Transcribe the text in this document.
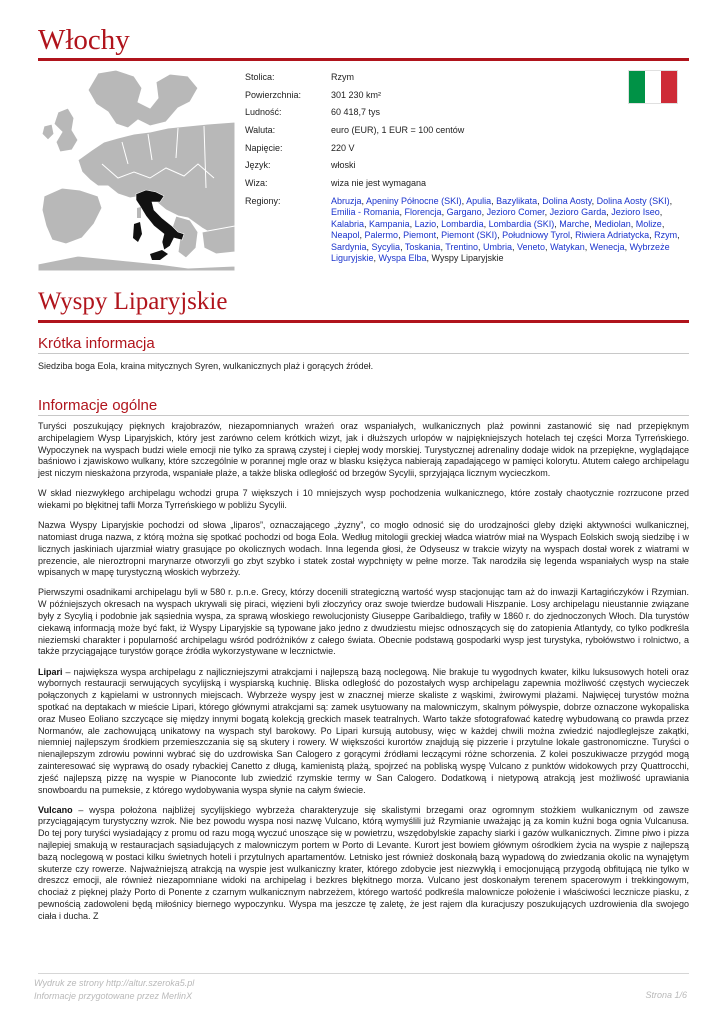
Włochy
Stolica:	Rzym
Powierzchnia:	301 230 km²
Ludność:	60 418,7 tys
Waluta:	euro (EUR), 1 EUR = 100 centów
Napięcie:	220 V
Język:	włoski
Wiza:	wiza nie jest wymagana
Regiony:	Abruzja, Apeniny Północne (SKI), Apulia, Bazylikata, Dolina Aosty, Dolina Aosty (SKI), Emilia - Romania, Florencja, Gargano, Jezioro Comer, Jezioro Garda, Jezioro Iseo, Kalabria, Kampania, Lazio, Lombardia, Lombardia (SKI), Marche, Mediolan, Molize, Neapol, Palermo, Piemont, Piemont (SKI), Południowy Tyrol, Riwiera Adriatycka, Rzym, Sardynia, Sycylia, Toskania, Trentino, Umbria, Veneto, Watykan, Wenecja, Wybrzeże Liguryjskie, Wyspa Elba, Wyspy Liparyjskie
Wyspy Liparyjskie
Krótka informacja
Siedziba boga Eola, kraina mitycznych Syren, wulkanicznych plaż i gorących źródeł.
Informacje ogólne

Turyści poszukujący pięknych krajobrazów, niezapomnianych wrażeń oraz wspaniałych, wulkanicznych plaż powinni zastanowić się nad przepięknym archipelagiem Wysp Liparyjskich, który jest zarówno celem krótkich wizyt, jak i dłuższych urlopów w najpiękniejszych hotelach tej części Morza Tyrreńskiego. Wypoczynek na wyspach budzi wiele emocji nie tylko za sprawą czystej i ciepłej wody morskiej. Turystycznej adrenaliny dodaje widok na przepiękne, wyglądające baśniowo i zjawiskowo wulkany, które szczególnie w porannej mgle oraz w blasku księżyca nabierają zapadającego w pamięci kolorytu. Atutem całego archipelagu jest niczym nieskażona przyroda, wspaniałe plaże, a także bliska odległość od brzegów Sycylii, sprzyjająca licznym wycieczkom.

W skład niezwykłego archipelagu wchodzi grupa 7 większych i 10 mniejszych wysp pochodzenia wulkanicznego, które zostały chaotycznie rozrzucone przed wiekami po błękitnej tafli Morza Tyrreńskiego w pobliżu Sycylii.

Nazwa Wyspy Liparyjskie pochodzi od słowa „liparos”, oznaczającego „żyzny”, co mogło odnosić się do urodzajności gleby dzięki aktywności wulkanicznej, natomiast druga nazwa, z którą można się spotkać pochodzi od boga Eola. Według mitologii greckiej władca wiatrów miał na Wyspach Eolskich swoją siedzibę i w licznych jaskiniach ujarzmiał wiatry grasujące po okolicznych wodach. Inna legenda głosi, że Odyseusz w trakcie wizyty na wyspach dostał worek z wiatrami w prezencie, ale nieroztropni marynarze otworzyli go zbyt szybko i statek został wypchnięty w pełne morze. Tak narodziła się legenda wspaniałych wysp na stałe wpisanych w mapę turystyczną włoskich wybrzeży.

Pierwszymi osadnikami archipelagu byli w 580 r. p.n.e. Grecy, którzy docenili strategiczną wartość wysp stacjonując tam aż do inwazji Kartagińczyków i Rzymian. W późniejszych okresach na wyspach ukrywali się piraci, więzieni byli złoczyńcy oraz swoje twierdze budowali Hiszpanie. Losy archipelagu nieustannie związane były z Sycylią i podobnie jak sąsiednia wyspa, za sprawą włoskiego rewolucjonisty Giuseppe Garibaldiego, trafiły w 1860 r. do zjednoczonych Włoch. Dla turystów ciekawą informacją może być fakt, iż Wyspy Liparyjskie są typowane jako jedno z dwudziestu miejsc odnoszących się do zatopienia Atlantydy, co tylko podkreśla nieziemski charakter i popularność archipelagu wśród podróżników z całego świata. Obecnie podstawą gospodarki wysp jest turystyka, rybołówstwo i rolnictwo, a także przyciągające turystów gorące źródła wykorzystywane w lecznictwie.

Lipari – największa wyspa archipelagu z najliczniejszymi atrakcjami i najlepszą bazą noclegową. Nie brakuje tu wygodnych kwater, kilku luksusowych hoteli oraz wybornych restauracji serwujących sycylijską i wyspiarską kuchnię. Bliska odległość do pozostałych wysp archipelagu zapewnia możliwość częstych wycieczek połączonych z kąpielami w ustronnych miejscach. Wybrzeże wyspy jest w znacznej mierze skaliste z wąskimi, żwirowymi plażami. Najwięcej turystów można spotkać na deptakach w mieście Lipari, którego głównymi atrakcjami są: zamek usytuowany na malowniczym, skalnym półwyspie, dobrze oznaczone wykopaliska oraz Museo Eoliano szczycące się między innymi bogatą kolekcją greckich masek teatralnych. Warto także sfotografować katedrę wybudowaną co prawda przez Normanów, ale zachowującą unikatowy na wyspach styl barokowy. Po Lipari kursują autobusy, więc w każdej chwili można zwiedzić najodleglejsze zakątki, niemniej najlepszym środkiem przemieszczania się są skutery i rowery. W większości kurortów znajdują się pizzerie i przytulne lokale gastronomiczne. Turyści o nienajlepszym zdrowiu powinni wybrać się do uzdrowiska San Calogero z gorącymi źródłami leczącymi różne schorzenia. Z kolei poszukiwacze przygód mogą zainteresować się wyprawą do osady rybackiej Canetto z długą, kamienistą plażą, spojrzeć na pobliską wyspę Vulcano z punktów widokowych przy Quattrocchi, zjeść najlepszą pizzę na wyspie w Pianoconte lub zwiedzić rzymskie termy w San Calogero. Dodatkową i nietypową atrakcją jest możliwość uprawiania snowboardu na pumeksie, z którego wydobywania wyspa słynie na całym świecie.

Vulcano – wyspa położona najbliżej sycylijskiego wybrzeża charakteryzuje się skalistymi brzegami oraz ogromnym stożkiem wulkanicznym od zawsze przyciągającym turystyczny wzrok. Nie bez powodu wyspa nosi nazwę Vulcano, którą wymyślili już Rzymianie uważając ją za komin kuźni boga ognia Vulcanusa. Do tej pory turyści wysiadający z promu od razu mogą wyczuć unoszące się w powietrzu, wszędobylskie zapachy siarki i gazów wulkanicznych. Zimne piwo i pizza najlepiej smakują w restauracjach sąsiadujących z malowniczym portem w Porto di Levante. Kurort jest bowiem głównym ośrodkiem życia na wyspie z najlepszą bazą noclegową w postaci kilku świetnych hoteli i przytulnych apartamentów. Letnisko jest również doskonałą bazą wypadową do zwiedzania okolic na wynajętym skuterze czy rowerze. Najważniejszą atrakcją na wyspie jest wulkaniczny krater, którego zdobycie jest niezwykłą i emocjonującą przygodą obfitującą nie tylko w dreszcz emocji, ale również niezapomniane widoki na archipelag i bezkres błękitnego morza. Vulcano jest doskonałym terenem spacerowym i trekkingowym, chociaż z pięknej plaży Porto di Ponente z czarnym wulkanicznym nabrzeżem, którego wartość podkreśla malownicze położenie i właściwości lecznicze piasku, z pewnością zadowoleni będą miłośnicy biernego wypoczynku. Wyspa ma jeszcze tę zaletę, że jest rajem dla kuracjuszy poszukujących uzdrowienia dla swojego ciała i ducha. Z

Wydruk ze strony http://altur.szeroka5.pl
Informacje przygotowane przez MerlinX	Strona 1/6
